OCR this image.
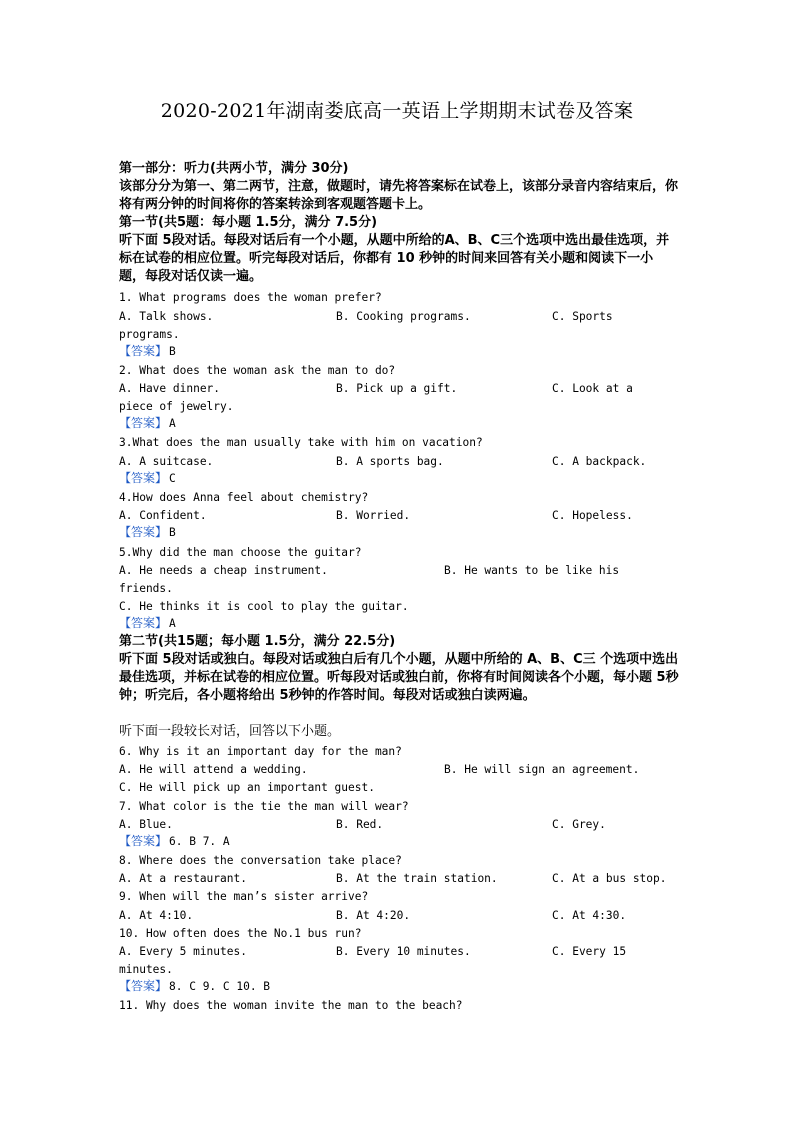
2020-2021年湖南娄底高一英语上学期期末试卷及答案
第一部分：听力(共两小节，满分 30分)
该部分分为第一、第二两节，注意，做题时，请先将答案标在试卷上，该部分录音内容结束后，你将有两分钟的时间将你的答案转涂到客观题答题卡上。
第一节(共5题：每小题 1.5分，满分 7.5分)
听下面 5段对话。每段对话后有一个小题，从题中所给的A、B、C三个选项中选出最佳选项，并标在试卷的相应位置。听完每段对话后，你都有 10 秒钟的时间来回答有关小题和阅读下一小题，每段对话仅读一遍。
1. What programs does the woman prefer?
A. Talk shows.	B. Cooking programs.	C. Sports
programs.
【答案】 B
2. What does the woman ask the man to do?
A. Have dinner.	B. Pick up a gift.	C. Look at a
piece of jewelry.
【答案】 A
3.What does the man usually take with him on vacation?
A. A suitcase.	B. A sports bag.	C. A backpack.
【答案】 C
4.How does Anna feel about chemistry?
A. Confident.	B. Worried.	C. Hopeless.
【答案】 B
5.Why did the man choose the guitar?
A. He needs a cheap instrument.	B. He wants to be like his
friends.
C. He thinks it is cool to play the guitar.
【答案】 A
第二节(共15题；每小题 1.5分，满分 22.5分)
听下面 5段对话或独白。每段对话或独白后有几个小题，从题中所给的 A、B、C三 个选项中选出最佳选项，并标在试卷的相应位置。听每段对话或独白前，你将有时间阅读各个小题，每小题 5秒钟；听完后，各小题将给出 5秒钟的作答时间。每段对话或独白读两遍。
听下面一段较长对话，回答以下小题。
6. Why is it an important day for the man?
A. He will attend a wedding.	B. He will sign an agreement.
C. He will pick up an important guest.
7. What color is the tie the man will wear?
A. Blue.	B. Red.	C. Grey.
【答案】 6. B 7. A
8. Where does the conversation take place?
A. At a restaurant.	B. At the train station.	C. At a bus stop.
9. When will the man’s sister arrive?
A. At 4:10.	B. At 4:20.	C. At 4:30.
10. How often does the No.1 bus run?
A. Every 5 minutes.	B. Every 10 minutes.	C. Every 15
minutes.
【答案】 8. C 9. C 10. B
11. Why does the woman invite the man to the beach?
